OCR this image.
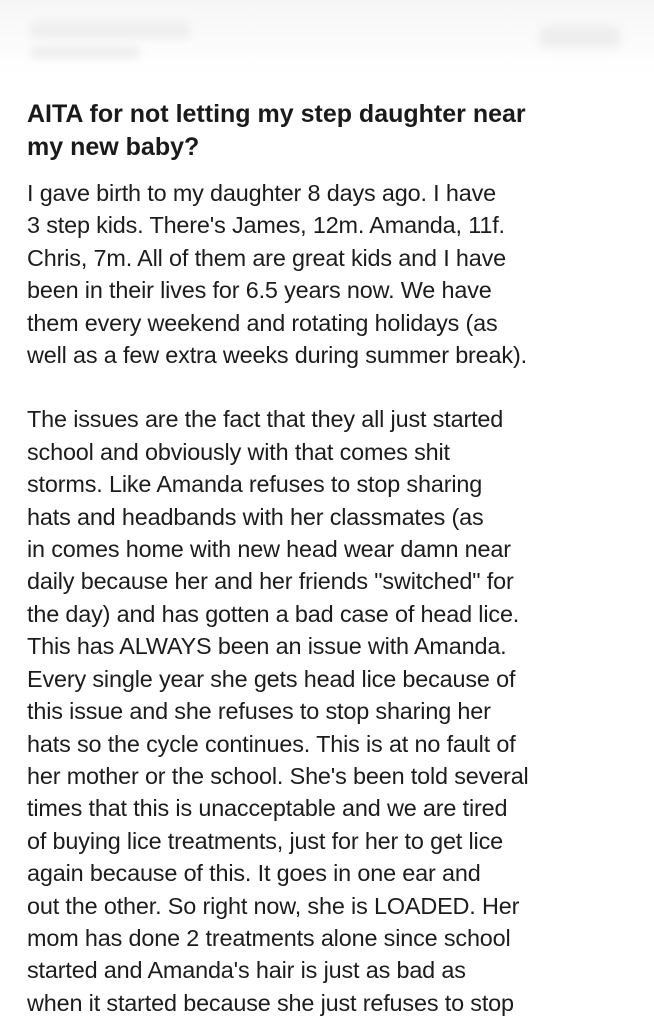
AITA for not letting my step daughter near
my new baby?
I gave birth to my daughter 8 days ago. I have
3 step kids. There's James, 12m. Amanda, 11f.
Chris, 7m. All of them are great kids and I have
been in their lives for 6.5 years now. We have
them every weekend and rotating holidays (as
well as a few extra weeks during summer break).
The issues are the fact that they all just started
school and obviously with that comes shit
storms. Like Amanda refuses to stop sharing
hats and headbands with her classmates (as
in comes home with new head wear damn near
daily because her and her friends "switched" for
the day) and has gotten a bad case of head lice.
This has ALWAYS been an issue with Amanda.
Every single year she gets head lice because of
this issue and she refuses to stop sharing her
hats so the cycle continues. This is at no fault of
her mother or the school. She's been told several
times that this is unacceptable and we are tired
of buying lice treatments, just for her to get lice
again because of this. It goes in one ear and
out the other. So right now, she is LOADED. Her
mom has done 2 treatments alone since school
started and Amanda's hair is just as bad as
when it started because she just refuses to stop
